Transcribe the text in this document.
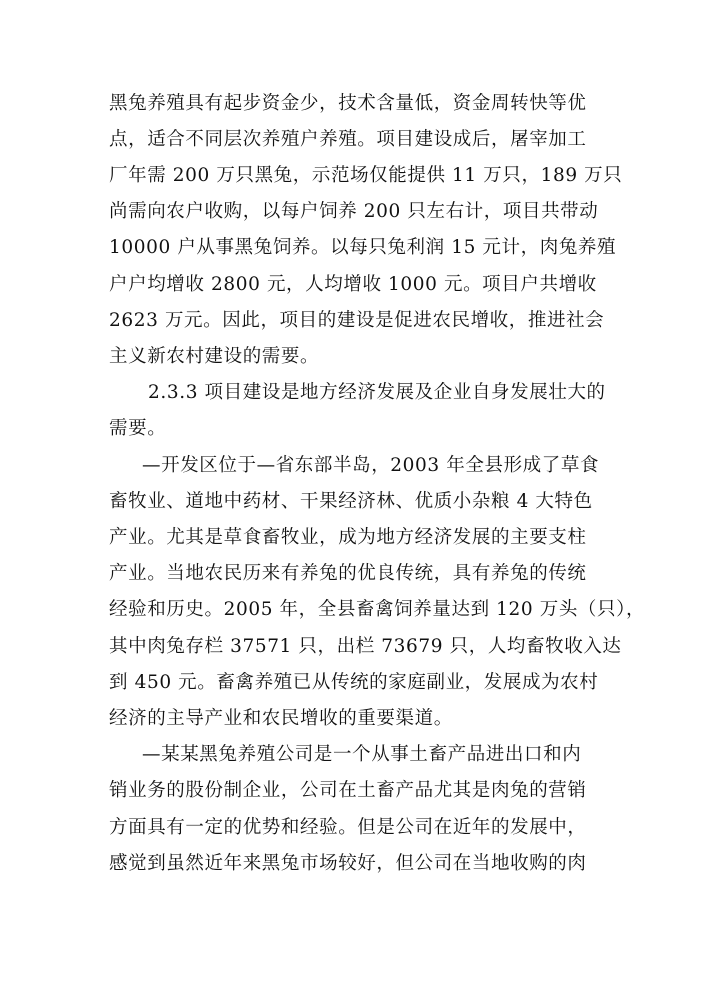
黑兔养殖具有起步资金少，技术含量低，资金周转快等优
点，适合不同层次养殖户养殖。项目建设成后，屠宰加工
厂年需 200 万只黑兔，示范场仅能提供 11 万只，189 万只
尚需向农户收购，以每户饲养 200 只左右计，项目共带动
10000 户从事黑兔饲养。以每只兔利润 15 元计，肉兔养殖
户户均增收 2800 元，人均增收 1000 元。项目户共增收
2623 万元。因此，项目的建设是促进农民增收，推进社会
主义新农村建设的需要。
2.3.3 项目建设是地方经济发展及企业自身发展壮大的
需要。
—开发区位于—省东部半岛，2003 年全县形成了草食
畜牧业、道地中药材、干果经济林、优质小杂粮 4 大特色
产业。尤其是草食畜牧业，成为地方经济发展的主要支柱
产业。当地农民历来有养兔的优良传统，具有养兔的传统
经验和历史。2005 年，全县畜禽饲养量达到 120 万头（只），
其中肉兔存栏 37571 只，出栏 73679 只，人均畜牧收入达
到 450 元。畜禽养殖已从传统的家庭副业，发展成为农村
经济的主导产业和农民增收的重要渠道。
—某某黑兔养殖公司是一个从事土畜产品进出口和内
销业务的股份制企业，公司在土畜产品尤其是肉兔的营销
方面具有一定的优势和经验。但是公司在近年的发展中，
感觉到虽然近年来黑兔市场较好，但公司在当地收购的肉
